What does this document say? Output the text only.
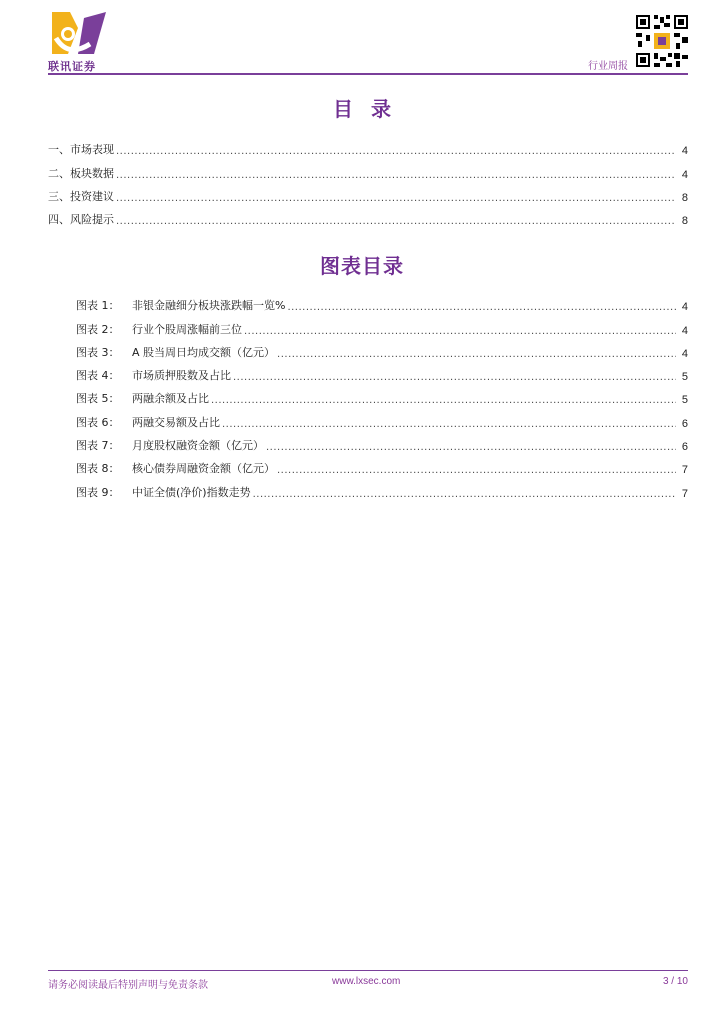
联讯证券	行业周报
目录
一、市场表现 .....	4
二、板块数据 .....	4
三、投资建议 .....	8
四、风险提示 .....	8
图表目录
图表 1：	非银金融细分板块涨跌幅一览% .....	4
图表 2：	行业个股周涨幅前三位 .....	4
图表 3：	A 股当周日均成交额（亿元） .....	4
图表 4：	市场质押股数及占比 .....	5
图表 5：	两融余额及占比 .....	5
图表 6：	两融交易额及占比 .....	6
图表 7：	月度股权融资金额（亿元） .....	6
图表 8：	核心债券周融资金额（亿元） .....	7
图表 9：	中证全债(净价)指数走势 .....	7
请务必阅读最后特别声明与免责条款	www.lxsec.com	3 / 10
